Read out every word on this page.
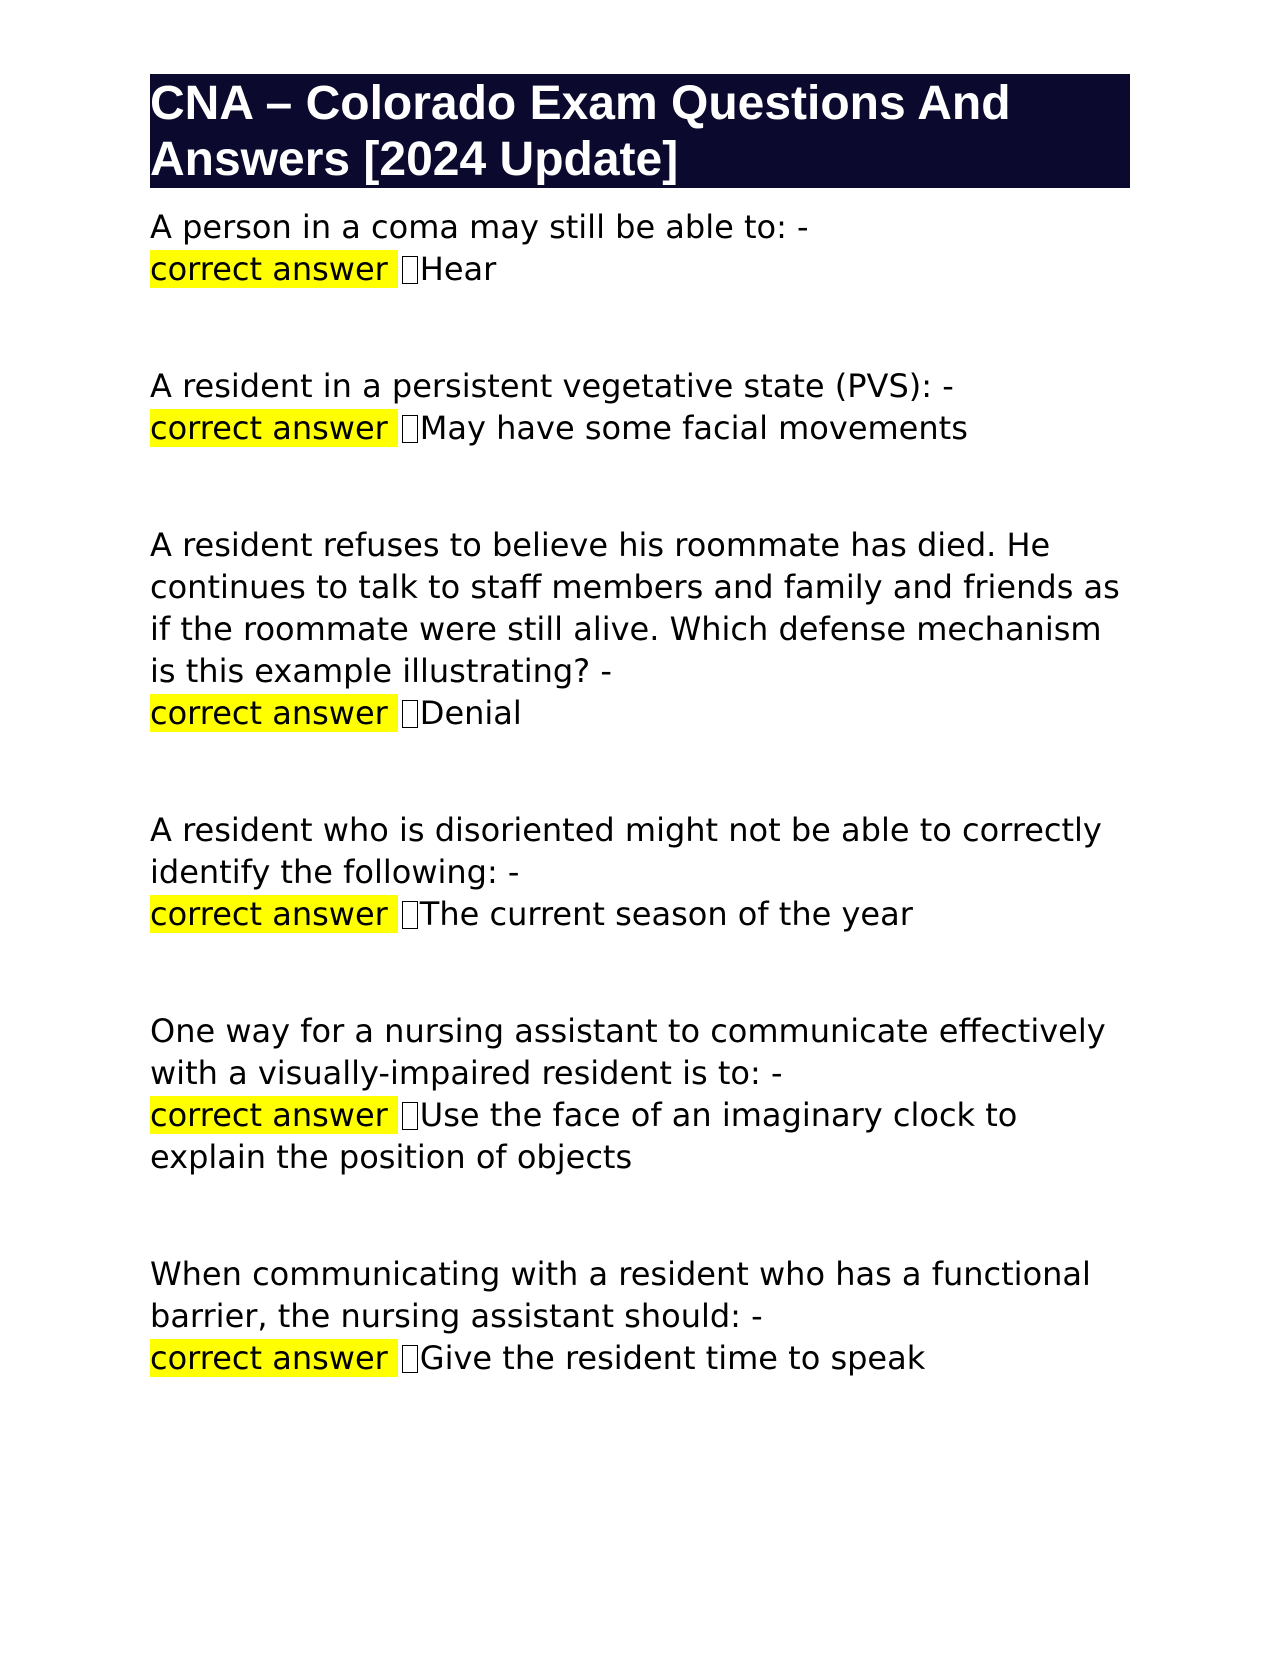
CNA – Colorado Exam Questions And Answers [2024 Update]
A person in a coma may still be able to: -
correct answer Hear
A resident in a persistent vegetative state (PVS): -
correct answer May have some facial movements
A resident refuses to believe his roommate has died. He continues to talk to staff members and family and friends as if the roommate were still alive. Which defense mechanism is this example illustrating? -
correct answer Denial
A resident who is disoriented might not be able to correctly identify the following: -
correct answer The current season of the year
One way for a nursing assistant to communicate effectively with a visually-impaired resident is to: -
correct answer Use the face of an imaginary clock to explain the position of objects
When communicating with a resident who has a functional barrier, the nursing assistant should: -
correct answer Give the resident time to speak
